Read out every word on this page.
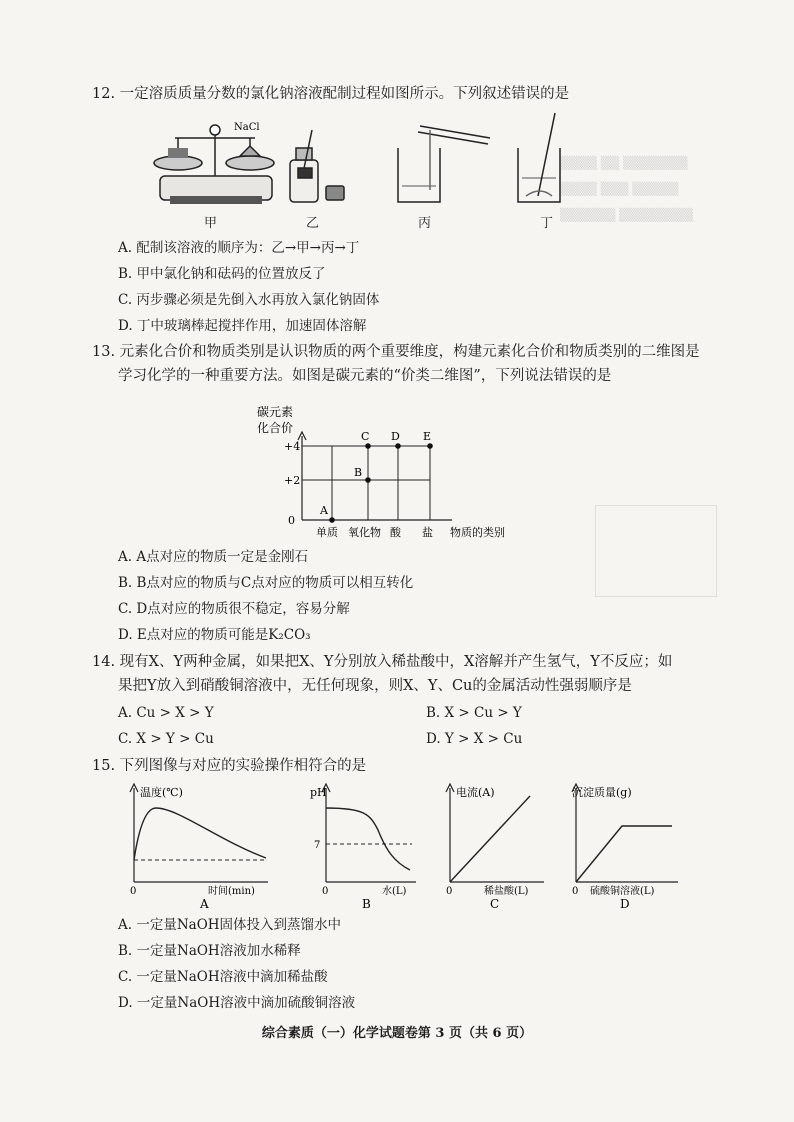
▒▒▒▒ ▒▒ ▒▒▒▒▒▒▒
▒▒▒▒ ▒▒▒ ▒▒▒▒▒
▒▒▒▒▒▒ ▒▒▒▒▒▒▒▒
12. 一定溶质质量分数的氯化钠溶液配制过程如图所示。下列叙述错误的是
NaCl
甲	乙	丙	丁
A. 配制该溶液的顺序为：乙→甲→丙→丁
B. 甲中氯化钠和砝码的位置放反了
C. 丙步骤必须是先倒入水再放入氯化钠固体
D. 丁中玻璃棒起搅拌作用，加速固体溶解
13. 元素化合价和物质类别是认识物质的两个重要维度，构建元素化合价和物质类别的二维图是
学习化学的一种重要方法。如图是碳元素的“价类二维图”，下列说法错误的是
碳元素
化合价
+4
+2
0
A
B
C D E
单质 氧化物 酸 盐 物质的类别
A. A点对应的物质一定是金刚石
B. B点对应的物质与C点对应的物质可以相互转化
C. D点对应的物质很不稳定，容易分解
D. E点对应的物质可能是K₂CO₃
14. 现有X、Y两种金属，如果把X、Y分别放入稀盐酸中，X溶解并产生氢气，Y不反应；如
果把Y放入到硝酸铜溶液中，无任何现象，则X、Y、Cu的金属活动性强弱顺序是
A. Cu > X > Y	B. X > Cu > Y
C. X > Y > Cu	D. Y > X > Cu
15. 下列图像与对应的实验操作相符合的是
温度(℃)
0	时间(min)
A
pH
7
0	水(L)
B
电流(A)
0	稀盐酸(L)
C
沉淀质量(g)
0 硫酸铜溶液(L)
D
A. 一定量NaOH固体投入到蒸馏水中
B. 一定量NaOH溶液加水稀释
C. 一定量NaOH溶液中滴加稀盐酸
D. 一定量NaOH溶液中滴加硫酸铜溶液
综合素质（一）化学试题卷第 3 页（共 6 页）
